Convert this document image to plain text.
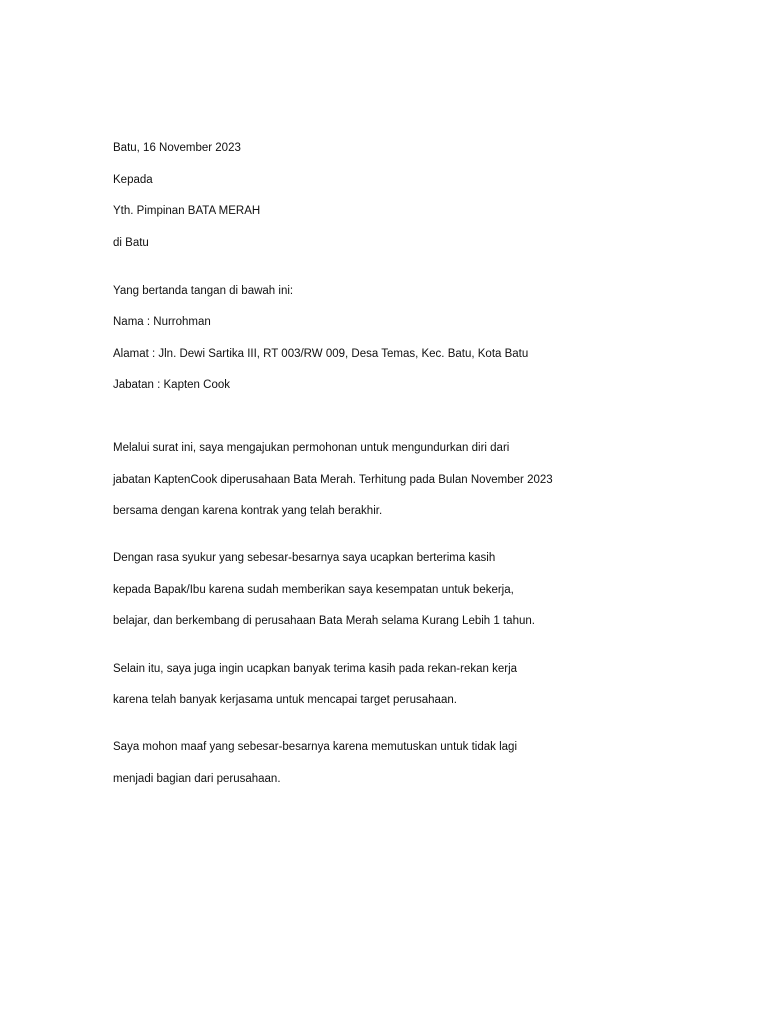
Batu, 16 November 2023
Kepada
Yth. Pimpinan BATA MERAH
di Batu
Yang bertanda tangan di bawah ini:
Nama : Nurrohman
Alamat : Jln. Dewi Sartika III, RT 003/RW 009, Desa Temas, Kec. Batu, Kota Batu
Jabatan : Kapten Cook
Melalui surat ini, saya mengajukan permohonan untuk mengundurkan diri dari
jabatan KaptenCook diperusahaan Bata Merah. Terhitung pada Bulan November 2023
bersama dengan karena kontrak yang telah berakhir.
Dengan rasa syukur yang sebesar-besarnya saya ucapkan berterima kasih
kepada Bapak/Ibu karena sudah memberikan saya kesempatan untuk bekerja,
belajar, dan berkembang di perusahaan Bata Merah selama Kurang Lebih 1 tahun.
Selain itu, saya juga ingin ucapkan banyak terima kasih pada rekan-rekan kerja
karena telah banyak kerjasama untuk mencapai target perusahaan.
Saya mohon maaf yang sebesar-besarnya karena memutuskan untuk tidak lagi
menjadi bagian dari perusahaan.
